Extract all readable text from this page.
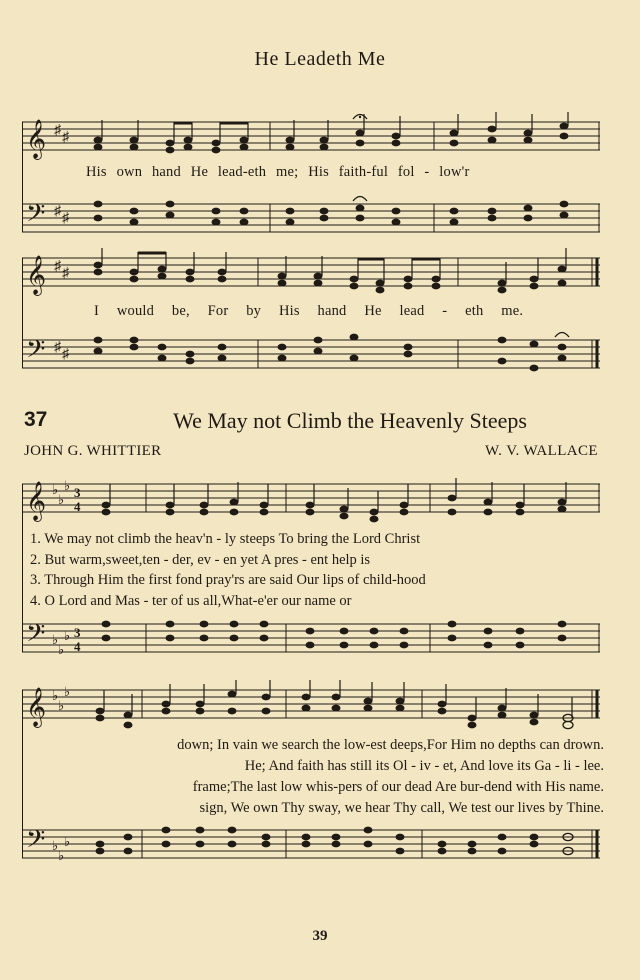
He Leadeth Me
𝄞
𝄢
♯ ♯
♯ ♯
His own hand He lead-eth me; His faith-ful fol - low'r
𝄞
𝄢
♯ ♯
♯ ♯
I would be, For by His hand He lead - eth me.
37	We May not Climb the Heavenly Steeps
JOHN G. WHITTIER	W. V. WALLACE
𝄞
𝄢
♭
♭
♭
♭
♭
♭
3
4
3
4
1. We may not climb the heav'n - ly steeps To bring the Lord Christ
2. But warm,sweet,ten - der, ev - en yet A pres - ent help is
3. Through Him the first fond pray'rs are said Our lips of child-hood
4. O Lord and Mas - ter of us all,What-e'er our name or
𝄞
𝄢
♭
♭
♭
♭
♭
♭
down; In vain we search the low-est deeps,For Him no depths can drown.
He; And faith has still its Ol - iv - et, And love its Ga - li - lee.
frame;The last low whis-pers of our dead Are bur-dend with His name.
sign, We own Thy sway, we hear Thy call, We test our lives by Thine.
39
